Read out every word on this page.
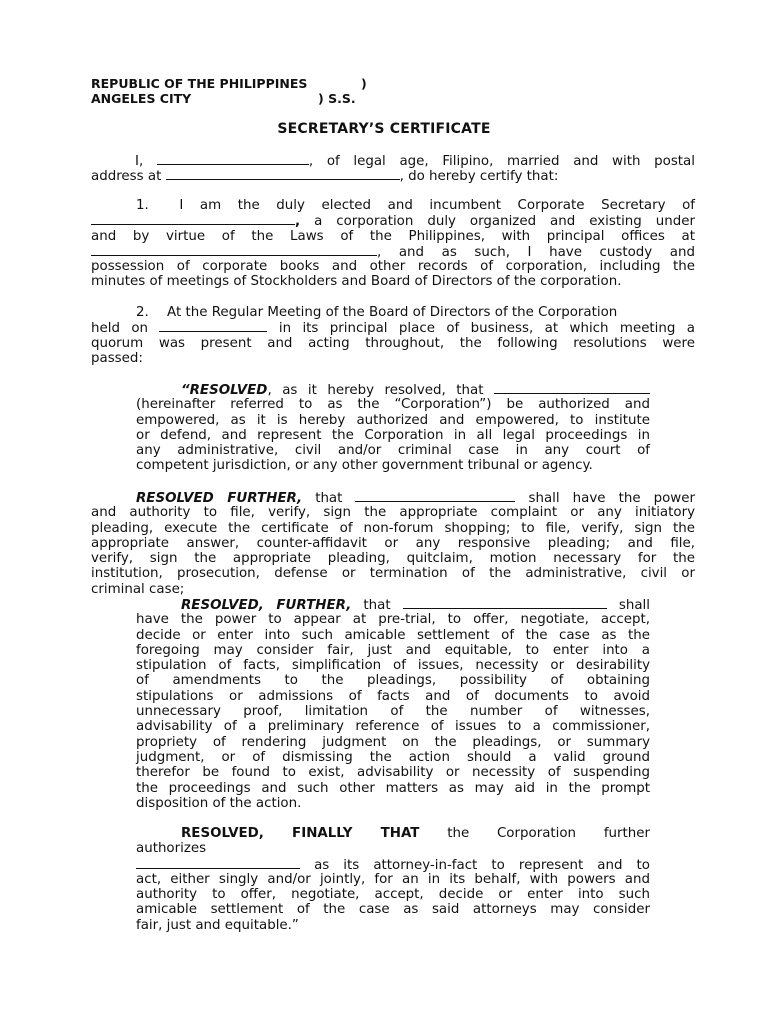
REPUBLIC OF THE PHILIPPINES	)
ANGELES CITY	) S.S.
SECRETARY’S CERTIFICATE
I,	, of legal age, Filipino, married and with postal
address at	, do hereby certify that:
1. I am the duly elected and incumbent Corporate Secretary of
, a corporation duly organized and existing under
and by virtue of the Laws of the Philippines, with principal offices at
, and as such, I have custody and
possession of corporate books and other records of corporation, including the
minutes of meetings of Stockholders and Board of Directors of the corporation.
2. At the Regular Meeting of the Board of Directors of the Corporation
held on	in its principal place of business, at which meeting a
quorum was present and acting throughout, the following resolutions were
passed:
“RESOLVED, as it hereby resolved, that
(hereinafter referred to as the “Corporation”) be authorized and
empowered, as it is hereby authorized and empowered, to institute
or defend, and represent the Corporation in all legal proceedings in
any administrative, civil and/or criminal case in any court of
competent jurisdiction, or any other government tribunal or agency.
RESOLVED FURTHER, that	shall have the power
and authority to file, verify, sign the appropriate complaint or any initiatory
pleading, execute the certificate of non-forum shopping; to file, verify, sign the
appropriate answer, counter-affidavit or any responsive pleading; and file,
verify, sign the appropriate pleading, quitclaim, motion necessary for the
institution, prosecution, defense or termination of the administrative, civil or
criminal case;
RESOLVED, FURTHER, that	shall
have the power to appear at pre-trial, to offer, negotiate, accept,
decide or enter into such amicable settlement of the case as the
foregoing may consider fair, just and equitable, to enter into a
stipulation of facts, simplification of issues, necessity or desirability
of amendments to the pleadings, possibility of obtaining
stipulations or admissions of facts and of documents to avoid
unnecessary proof, limitation of the number of witnesses,
advisability of a preliminary reference of issues to a commissioner,
propriety of rendering judgment on the pleadings, or summary
judgment, or of dismissing the action should a valid ground
therefor be found to exist, advisability or necessity of suspending
the proceedings and such other matters as may aid in the prompt
disposition of the action.
RESOLVED, FINALLY THAT the Corporation further
authorizes
as its attorney-in-fact to represent and to
act, either singly and/or jointly, for an in its behalf, with powers and
authority to offer, negotiate, accept, decide or enter into such
amicable settlement of the case as said attorneys may consider
fair, just and equitable.”
